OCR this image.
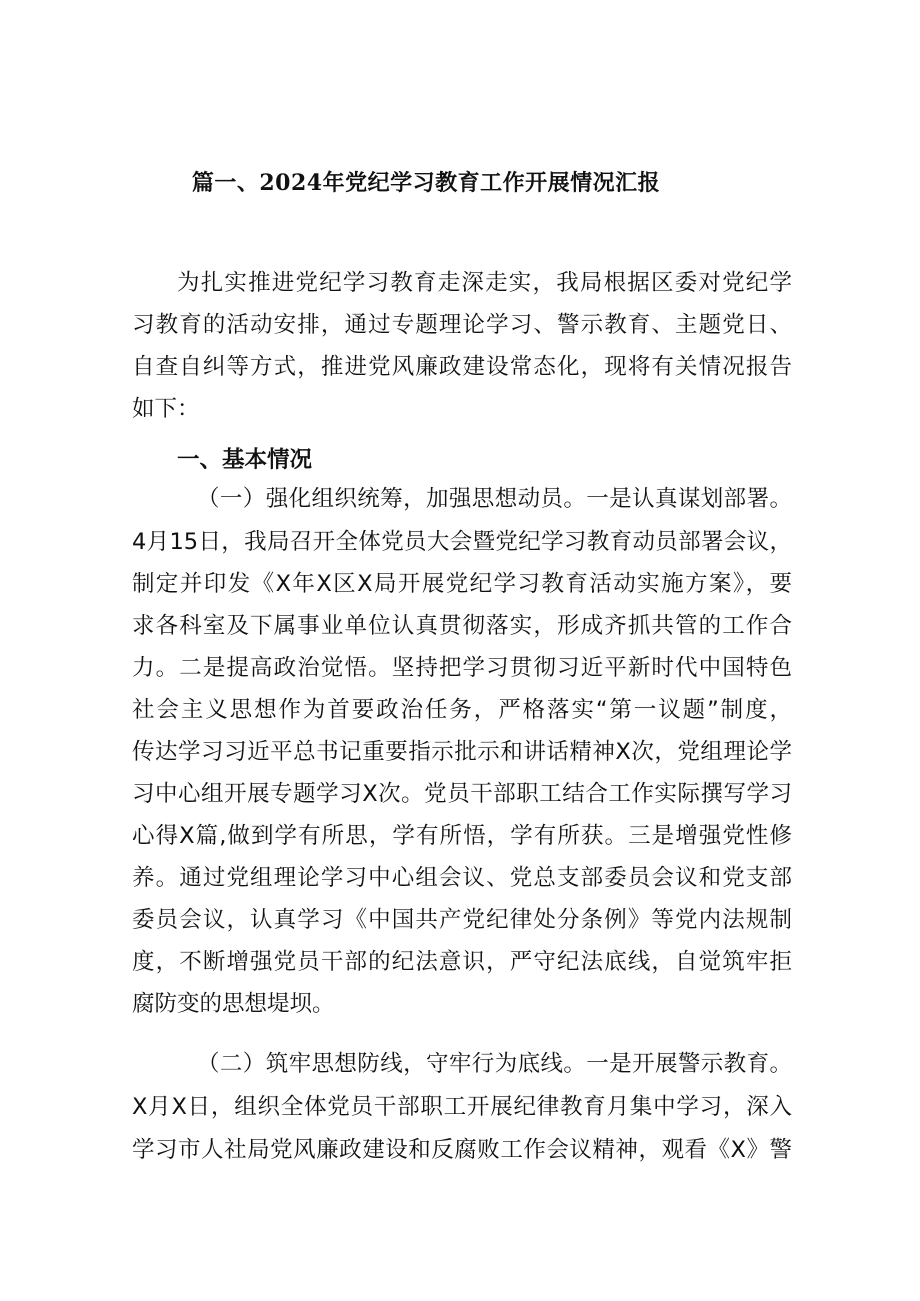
篇一、2024年党纪学习教育工作开展情况汇报
为扎实推进党纪学习教育走深走实，我局根据区委对党纪学
习教育的活动安排，通过专题理论学习、警示教育、主题党日、
自查自纠等方式，推进党风廉政建设常态化，现将有关情况报告
如下：
一、基本情况
（一）强化组织统筹，加强思想动员。一是认真谋划部署。
4月15日，我局召开全体党员大会暨党纪学习教育动员部署会议，
制定并印发《X年X区X局开展党纪学习教育活动实施方案》，要
求各科室及下属事业单位认真贯彻落实，形成齐抓共管的工作合
力。二是提高政治觉悟。坚持把学习贯彻习近平新时代中国特色
社会主义思想作为首要政治任务，严格落实“第一议题”制度，
传达学习习近平总书记重要指示批示和讲话精神X次，党组理论学
习中心组开展专题学习X次。党员干部职工结合工作实际撰写学习
心得X篇,做到学有所思，学有所悟，学有所获。三是增强党性修
养。通过党组理论学习中心组会议、党总支部委员会议和党支部
委员会议，认真学习《中国共产党纪律处分条例》等党内法规制
度，不断增强党员干部的纪法意识，严守纪法底线，自觉筑牢拒
腐防变的思想堤坝。
（二）筑牢思想防线，守牢行为底线。一是开展警示教育。
X月X日，组织全体党员干部职工开展纪律教育月集中学习，深入
学习市人社局党风廉政建设和反腐败工作会议精神，观看《X》警
